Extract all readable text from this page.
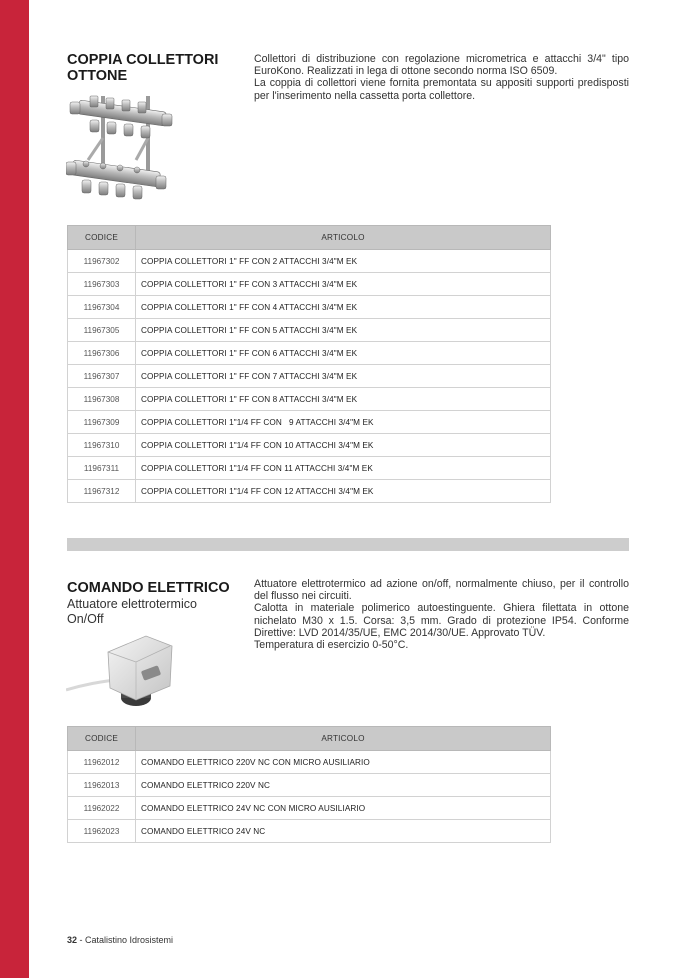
COPPIA COLLETTORI
OTTONE

Collettori di distribuzione con regolazione micrometrica e attacchi 3/4" tipo EuroKono. Realizzati in lega di ottone secondo norma ISO 6509.

La coppia di collettori viene fornita premontata su appositi supporti predisposti per l'inserimento nella cassetta porta collettore.

CODICE	ARTICOLO
11967302	COPPIA COLLETTORI 1" FF CON 2 ATTACCHI 3/4"M EK
11967303	COPPIA COLLETTORI 1" FF CON 3 ATTACCHI 3/4"M EK
11967304	COPPIA COLLETTORI 1" FF CON 4 ATTACCHI 3/4"M EK
11967305	COPPIA COLLETTORI 1" FF CON 5 ATTACCHI 3/4"M EK
11967306	COPPIA COLLETTORI 1" FF CON 6 ATTACCHI 3/4"M EK
11967307	COPPIA COLLETTORI 1" FF CON 7 ATTACCHI 3/4"M EK
11967308	COPPIA COLLETTORI 1" FF CON 8 ATTACCHI 3/4"M EK
11967309	COPPIA COLLETTORI 1"1/4 FF CON   9 ATTACCHI 3/4"M EK
11967310	COPPIA COLLETTORI 1"1/4 FF CON 10 ATTACCHI 3/4"M EK
11967311	COPPIA COLLETTORI 1"1/4 FF CON 11 ATTACCHI 3/4"M EK
11967312	COPPIA COLLETTORI 1"1/4 FF CON 12 ATTACCHI 3/4"M EK
COMANDO ELETTRICO
Attuatore elettrotermico
On/Off

Attuatore elettrotermico ad azione on/off, normalmente chiuso, per il controllo del flusso nei circuiti.

Calotta in materiale polimerico autoestinguente. Ghiera filettata in ottone nichelato M30 x 1.5. Corsa: 3,5 mm. Grado di protezione IP54. Conforme Direttive: LVD 2014/35/UE, EMC 2014/30/UE. Approvato TÜV.

Temperatura di esercizio 0-50°C.

CODICE	ARTICOLO
11962012	COMANDO ELETTRICO 220V NC CON MICRO AUSILIARIO
11962013	COMANDO ELETTRICO 220V NC
11962022	COMANDO ELETTRICO 24V NC CON MICRO AUSILIARIO
11962023	COMANDO ELETTRICO 24V NC
32 - Catalistino Idrosistemi
